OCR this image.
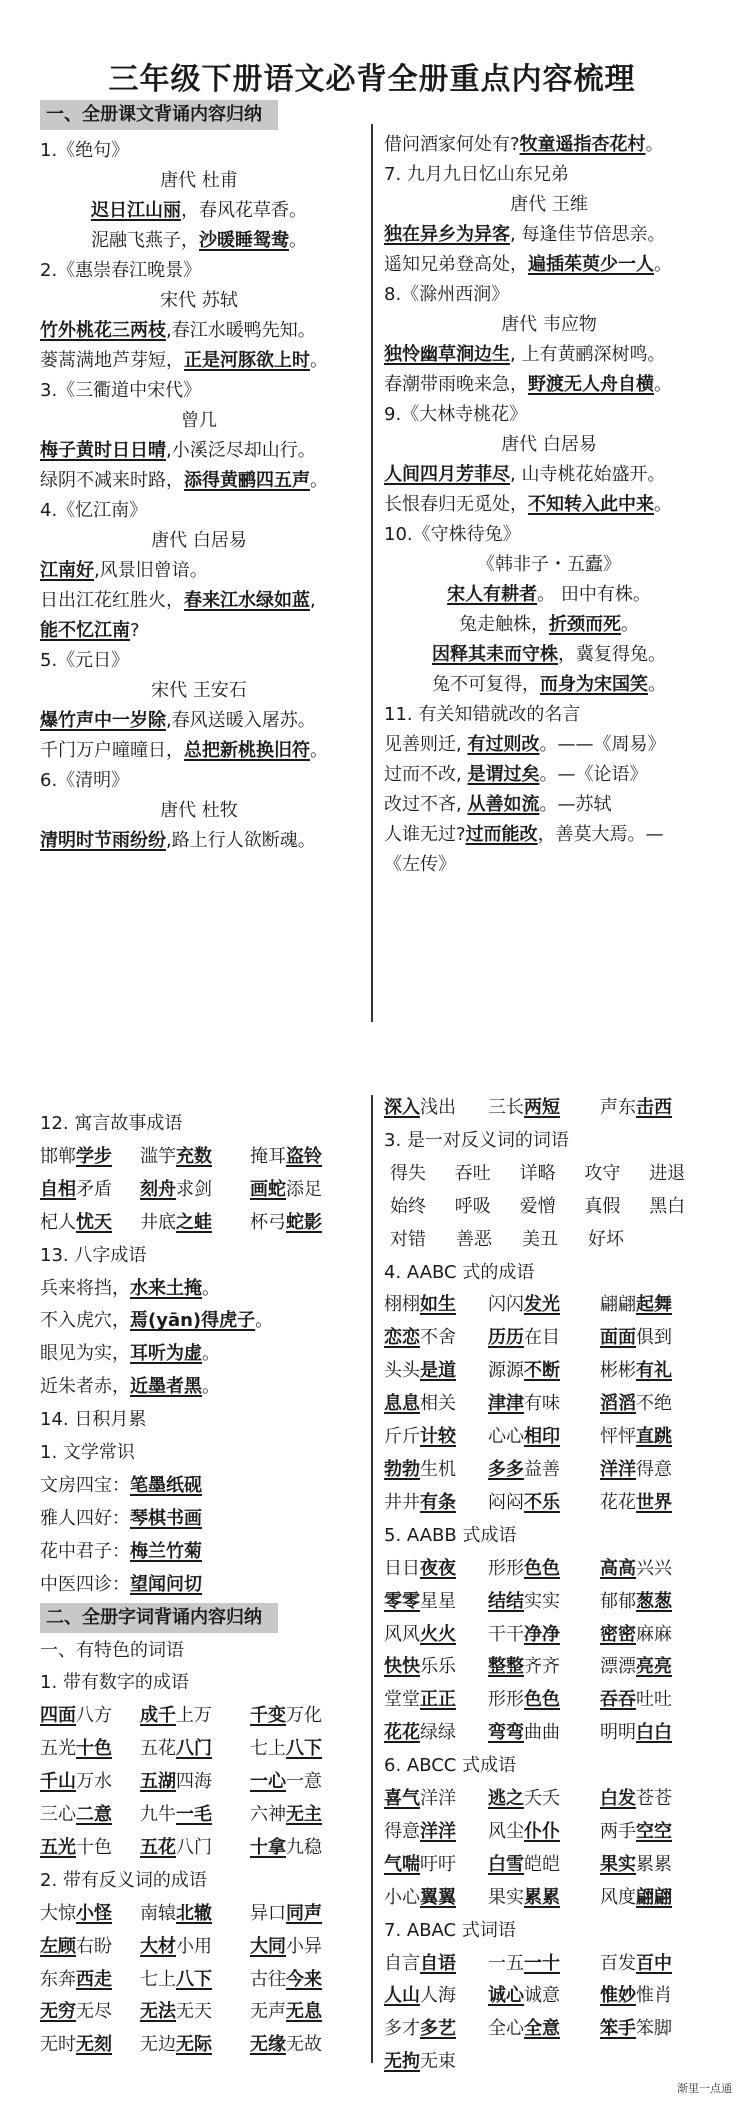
三年级下册语文必背全册重点内容梳理
一、全册课文背诵内容归纳
1.《绝句》
唐代 杜甫
迟日江山丽，春风花草香。
泥融飞燕子，沙暖睡鸳鸯。
2.《惠崇春江晚景》
宋代 苏轼
竹外桃花三两枝,春江水暖鸭先知。
蒌蒿满地芦芽短，正是河豚欲上时。
3.《三衢道中宋代》
曾几
梅子黄时日日晴,小溪泛尽却山行。
绿阴不减来时路，添得黄鹂四五声。
4.《忆江南》
唐代 白居易
江南好,风景旧曾谙。
日出江花红胜火，春来江水绿如蓝,
能不忆江南?
5.《元日》
宋代 王安石
爆竹声中一岁除,春风送暖入屠苏。
千门万户曈曈日，总把新桃换旧符。
6.《清明》
唐代 杜牧
清明时节雨纷纷,路上行人欲断魂。
借问酒家何处有?牧童遥指杏花村。
7. 九月九日忆山东兄弟
唐代 王维
独在异乡为异客, 每逢佳节倍思亲。
遥知兄弟登高处，遍插茱萸少一人。
8.《滁州西涧》
唐代 韦应物
独怜幽草涧边生, 上有黄鹂深树鸣。
春潮带雨晚来急，野渡无人舟自横。
9.《大林寺桃花》
唐代 白居易
人间四月芳菲尽, 山寺桃花始盛开。
长恨春归无觅处，不知转入此中来。
10.《守株待兔》
《韩非子・五蠹》
宋人有耕者。 田中有株。
兔走触株，折颈而死。
因释其耒而守株，冀复得兔。
兔不可复得，而身为宋国笑。
11. 有关知错就改的名言
见善则迁, 有过则改。——《周易》
过而不改, 是谓过矣。—《论语》
改过不吝, 从善如流。—苏轼
人谁无过?过而能改，善莫大焉。—
《左传》
12. 寓言故事成语
邯郸学步	滥竽充数	掩耳盗铃
自相矛盾	刻舟求剑	画蛇添足
杞人忧天	井底之蛙	杯弓蛇影
13. 八字成语
兵来将挡，水来土掩。
不入虎穴，焉(yān)得虎子。
眼见为实，耳听为虚。
近朱者赤，近墨者黑。
14. 日积月累
1. 文学常识
文房四宝：笔墨纸砚
雅人四好：琴棋书画
花中君子：梅兰竹菊
中医四诊：望闻问切
二、全册字词背诵内容归纳
一、有特色的词语
1. 带有数字的成语
四面八方	成千上万	千变万化
五光十色	五花八门	七上八下
千山万水	五湖四海	一心一意
三心二意	九牛一毛	六神无主
五光十色	五花八门	十拿九稳
2. 带有反义词的成语
大惊小怪	南辕北辙	异口同声
左顾右盼	大材小用	大同小异
东奔西走	七上八下	古往今来
无穷无尽	无法无天	无声无息
无时无刻	无边无际	无缘无故
深入浅出	三长两短	声东击西
3. 是一对反义词的词语
得失	吞吐	详略	攻守	进退
始终	呼吸	爱憎	真假	黑白
对错	善恶	美丑	好坏
4. AABC 式的成语
栩栩如生	闪闪发光	翩翩起舞
恋恋不舍	历历在目	面面俱到
头头是道	源源不断	彬彬有礼
息息相关	津津有味	滔滔不绝
斤斤计较	心心相印	怦怦直跳
勃勃生机	多多益善	洋洋得意
井井有条	闷闷不乐	花花世界
5. AABB 式成语
日日夜夜	形形色色	高高兴兴
零零星星	结结实实	郁郁葱葱
风风火火	干干净净	密密麻麻
快快乐乐	整整齐齐	漂漂亮亮
堂堂正正	形形色色	吞吞吐吐
花花绿绿	弯弯曲曲	明明白白
6. ABCC 式成语
喜气洋洋	逃之夭夭	白发苍苍
得意洋洋	风尘仆仆	两手空空
气喘吁吁	白雪皑皑	果实累累
小心翼翼	果实累累	风度翩翩
7. ABAC 式词语
自言自语	一五一十	百发百中
人山人海	诚心诚意	惟妙惟肖
多才多艺	全心全意	笨手笨脚
无拘无束
渐里一点通
